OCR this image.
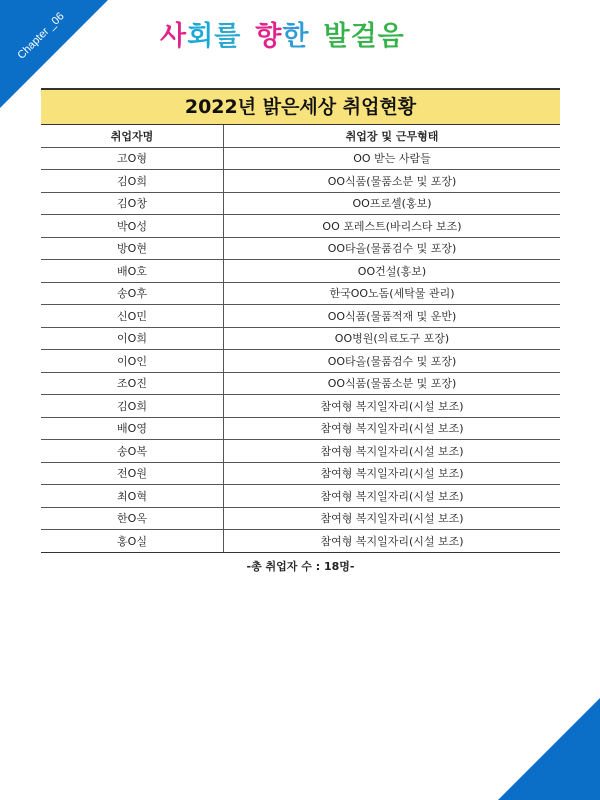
Chapter _06	사회를 향한 발걸음
2022년 밝은세상 취업현황
취업자명	취업장 및 근무형태
고O형	OO 받는 사람들
김O희	OO식품(물품소분 및 포장)
김O창	OO프로셀(홍보)
박O성	OO 포레스트(바리스타 보조)
방O현	OO타올(물품검수 및 포장)
배O호	OO건설(홍보)
송O후	한국OO노돔(세탁물 관리)
신O민	OO식품(물품적재 및 운반)
이O희	OO병원(의료도구 포장)
이O인	OO타올(물품검수 및 포장)
조O진	OO식품(물품소분 및 포장)
김O희	참여형 복지일자리(시설 보조)
배O영	참여형 복지일자리(시설 보조)
송O복	참여형 복지일자리(시설 보조)
전O원	참여형 복지일자리(시설 보조)
최O혁	참여형 복지일자리(시설 보조)
한O옥	참여형 복지일자리(시설 보조)
홍O실	참여형 복지일자리(시설 보조)
-총 취업자 수 : 18명-
